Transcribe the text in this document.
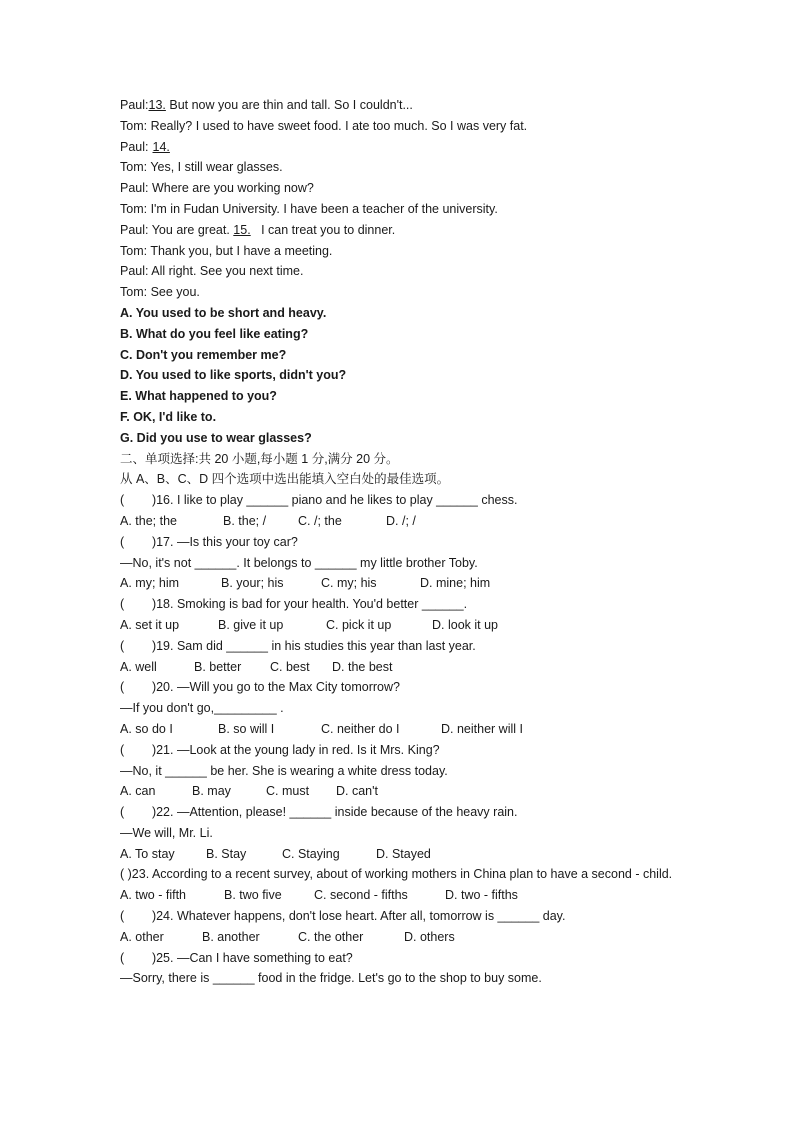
Paul:13. But now you are thin and tall. So I couldn't...
Tom: Really? I used to have sweet food. I ate too much. So I was very fat.
Paul: 14.
Tom: Yes, I still wear glasses.
Paul: Where are you working now?
Tom: I'm in Fudan University. I have been a teacher of the university.
Paul: You are great. 15.   I can treat you to dinner.
Tom: Thank you, but I have a meeting.
Paul: All right. See you next time.
Tom: See you.
A. You used to be short and heavy.
B. What do you feel like eating?
C. Don't you remember me?
D. You used to like sports, didn't you?
E. What happened to you?
F. OK, I'd like to.
G. Did you use to wear glasses?
二、单项选择:共 20 小题,每小题 1 分,满分 20 分。
从 A、B、C、D 四个选项中选出能填入空白处的最佳选项。
(        )16. I like to play ______ piano and he likes to play ______ chess.
A. the; the	B. the; /	C. /; the	D. /; /
(        )17. —Is this your toy car?
—No, it's not ______. It belongs to ______ my little brother Toby.
A. my; him	B. your; his	C. my; his	D. mine; him
(        )18. Smoking is bad for your health. You'd better ______.
A. set it up	B. give it up	C. pick it up	D. look it up
(        )19. Sam did ______ in his studies this year than last year.
A. well	B. better C. best D. the best
(        )20. —Will you go to the Max City tomorrow?
—If you don't go,_________ .
A. so do I	B. so will I	C. neither do I	D. neither will I
(        )21. —Look at the young lady in red. Is it Mrs. King?
—No, it ______ be her. She is wearing a white dress today.
A. can	B. may	C. must D. can't
(        )22. —Attention, please! ______ inside because of the heavy rain.
—We will, Mr. Li.
A. To stay	B. Stay	C. Staying	D. Stayed
( )23. According to a recent survey, about of working mothers in China plan to have a second - child.
A. two - fifth	B. two five	C. second - fifths	D. two - fifths
(        )24. Whatever happens, don't lose heart. After all, tomorrow is ______ day.
A. other	B. another	C. the other	D. others
(        )25. —Can I have something to eat?
—Sorry, there is ______ food in the fridge. Let's go to the shop to buy some.
